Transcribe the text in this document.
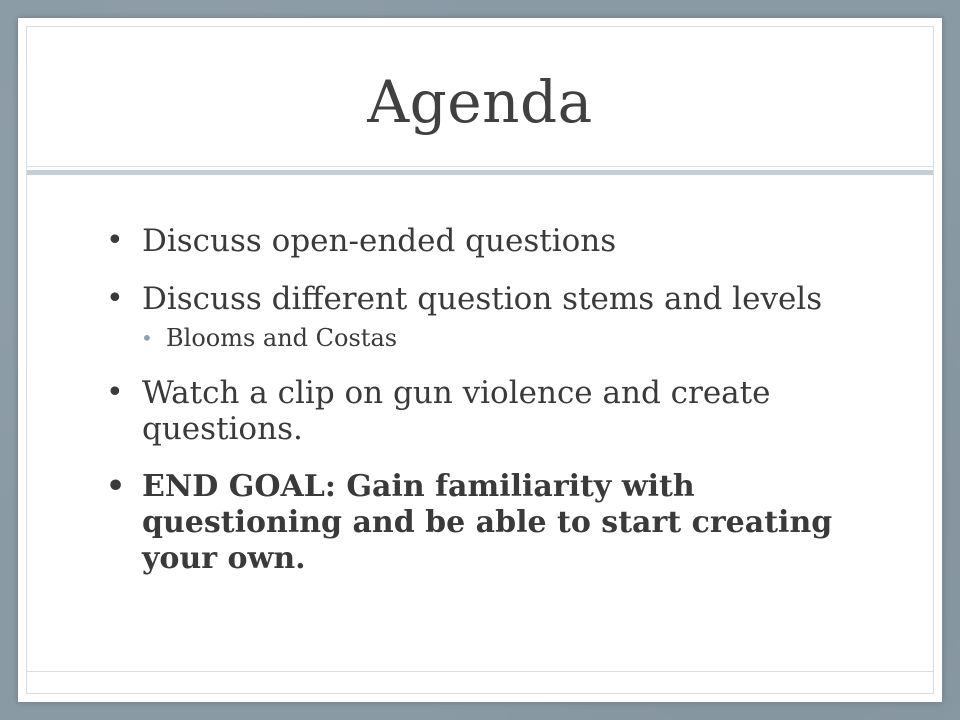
Agenda
• Discuss open-ended questions
• Discuss different question stems and levels
• Blooms and Costas
• Watch a clip on gun violence and create questions.
• END GOAL: Gain familiarity with questioning and be able to start creating your own.
